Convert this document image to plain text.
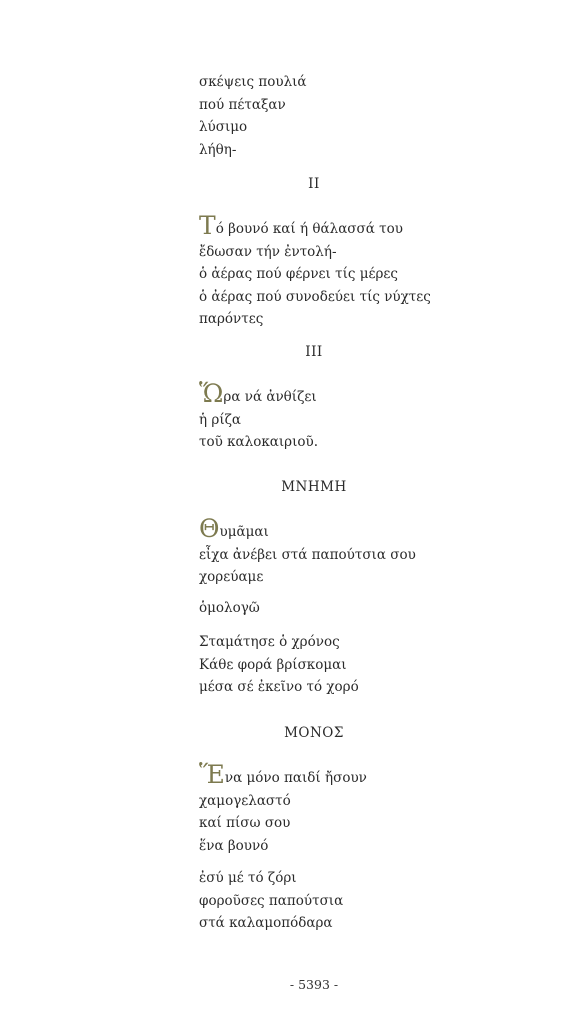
σκέψεις πουλιά

πού πέταξαν

λύσιμο

λήθη-

II

Τό βουνό καί ή θάλασσά του

ἔδωσαν τήν ἐντολή-

ὁ ἀέρας πού φέρνει τίς μέρες

ὁ ἀέρας πού συνοδεύει τίς νύχτες

παρόντες

III

Ὥρα νά ἀνθίζει

ἡ ρίζα

τοῦ καλοκαιριοῦ.

ΜΝΗΜΗ

Θυμᾶμαι

εἶχα ἀνέβει στά παπούτσια σου

χορεύαμε

ὁμολογῶ

Σταμάτησε ὁ χρόνος

Κάθε φορά βρίσκομαι

μέσα σέ ἐκεῖνο τό χορό

ΜΟΝΟΣ

Ἕνα μόνο παιδί ἤσουν

χαμογελαστό

καί πίσω σου

ἕνα βουνό

ἐσύ μέ τό ζόρι

φοροῦσες παπούτσια

στά καλαμοπόδαρα

- 5393 -
